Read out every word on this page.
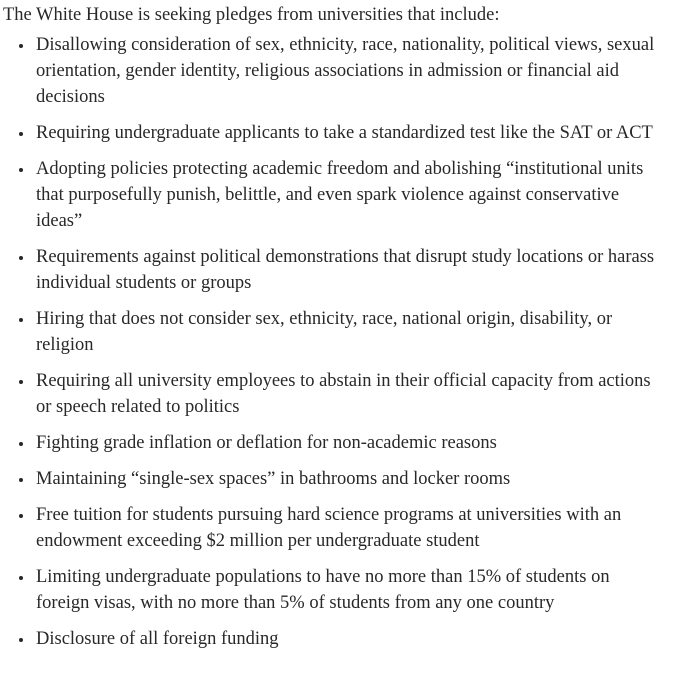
The White House is seeking pledges from universities that include:

• Disallowing consideration of sex, ethnicity, race, nationality, political views, sexual orientation, gender identity, religious associations in admission or financial aid decisions
• Requiring undergraduate applicants to take a standardized test like the SAT or ACT
• Adopting policies protecting academic freedom and abolishing “institutional units that purposefully punish, belittle, and even spark violence against conservative ideas”
• Requirements against political demonstrations that disrupt study locations or harass individual students or groups
• Hiring that does not consider sex, ethnicity, race, national origin, disability, or religion
• Requiring all university employees to abstain in their official capacity from actions or speech related to politics
• Fighting grade inflation or deflation for non-academic reasons
• Maintaining “single-sex spaces” in bathrooms and locker rooms
• Free tuition for students pursuing hard science programs at universities with an endowment exceeding $2 million per undergraduate student
• Limiting undergraduate populations to have no more than 15% of students on foreign visas, with no more than 5% of students from any one country
• Disclosure of all foreign funding
